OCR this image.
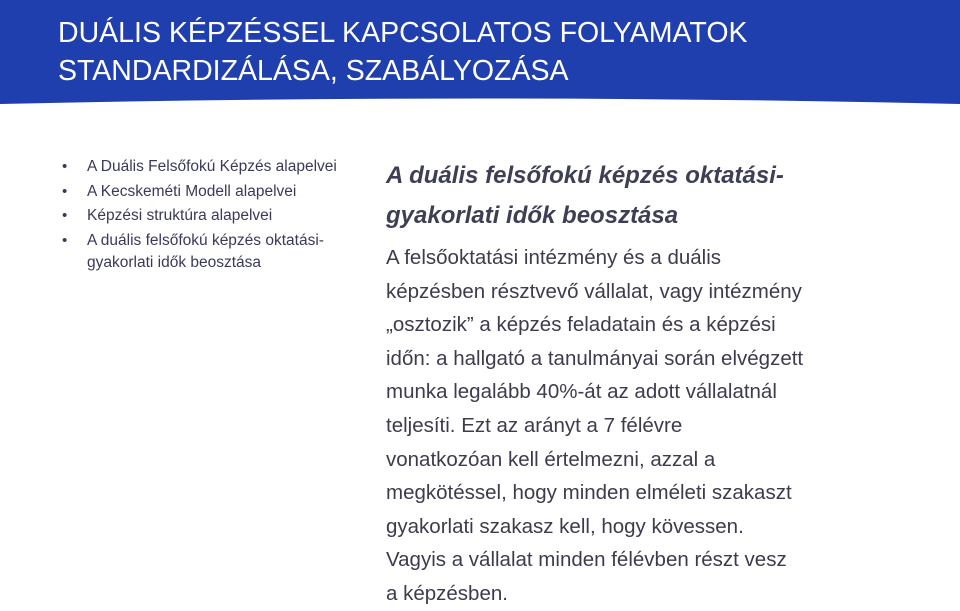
DUÁLIS KÉPZÉSSEL KAPCSOLATOS FOLYAMATOK
STANDARDIZÁLÁSA, SZABÁLYOZÁSA
• A Duális Felsőfokú Képzés alapelvei
• A Kecskeméti Modell alapelvei
• Képzési struktúra alapelvei
• A duális felsőfokú képzés oktatási-gyakorlati idők beosztása
A duális felsőfokú képzés oktatási-
gyakorlati idők beosztása
A felsőoktatási intézmény és a duális
képzésben résztvevő vállalat, vagy intézmény
„osztozik” a képzés feladatain és a képzési
időn: a hallgató a tanulmányai során elvégzett
munka legalább 40%-át az adott vállalatnál
teljesíti. Ezt az arányt a 7 félévre
vonatkozóan kell értelmezni, azzal a
megkötéssel, hogy minden elméleti szakaszt
gyakorlati szakasz kell, hogy kövessen.
Vagyis a vállalat minden félévben részt vesz
a képzésben.
